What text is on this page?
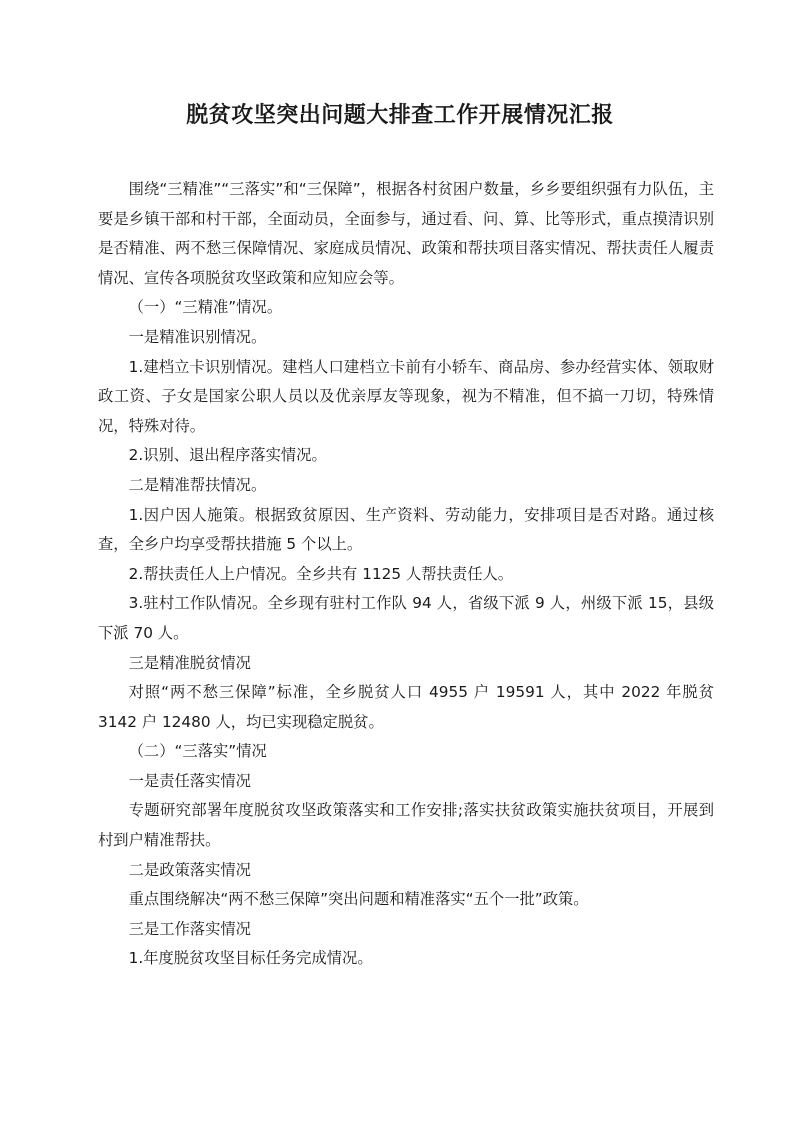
脱贫攻坚突出问题大排查工作开展情况汇报

围绕“三精准”“三落实”和“三保障”，根据各村贫困户数量，乡乡要组织强有力队伍，主要是乡镇干部和村干部，全面动员，全面参与，通过看、问、算、比等形式，重点摸清识别是否精准、两不愁三保障情况、家庭成员情况、政策和帮扶项目落实情况、帮扶责任人履责情况、宣传各项脱贫攻坚政策和应知应会等。

（一）“三精准”情况。

一是精准识别情况。

1.建档立卡识别情况。建档人口建档立卡前有小轿车、商品房、参办经营实体、领取财政工资、子女是国家公职人员以及优亲厚友等现象，视为不精准，但不搞一刀切，特殊情况，特殊对待。

2.识别、退出程序落实情况。

二是精准帮扶情况。

1.因户因人施策。根据致贫原因、生产资料、劳动能力，安排项目是否对路。通过核查，全乡户均享受帮扶措施 5 个以上。

2.帮扶责任人上户情况。全乡共有 1125 人帮扶责任人。

3.驻村工作队情况。全乡现有驻村工作队 94 人，省级下派 9 人，州级下派 15，县级下派 70 人。

三是精准脱贫情况

对照“两不愁三保障”标准，全乡脱贫人口 4955 户 19591 人，其中 2022 年脱贫 3142 户 12480 人，均已实现稳定脱贫。

（二）“三落实”情况

一是责任落实情况

专题研究部署年度脱贫攻坚政策落实和工作安排;落实扶贫政策实施扶贫项目，开展到村到户精准帮扶。

二是政策落实情况

重点围绕解决“两不愁三保障”突出问题和精准落实“五个一批”政策。

三是工作落实情况

1.年度脱贫攻坚目标任务完成情况。
